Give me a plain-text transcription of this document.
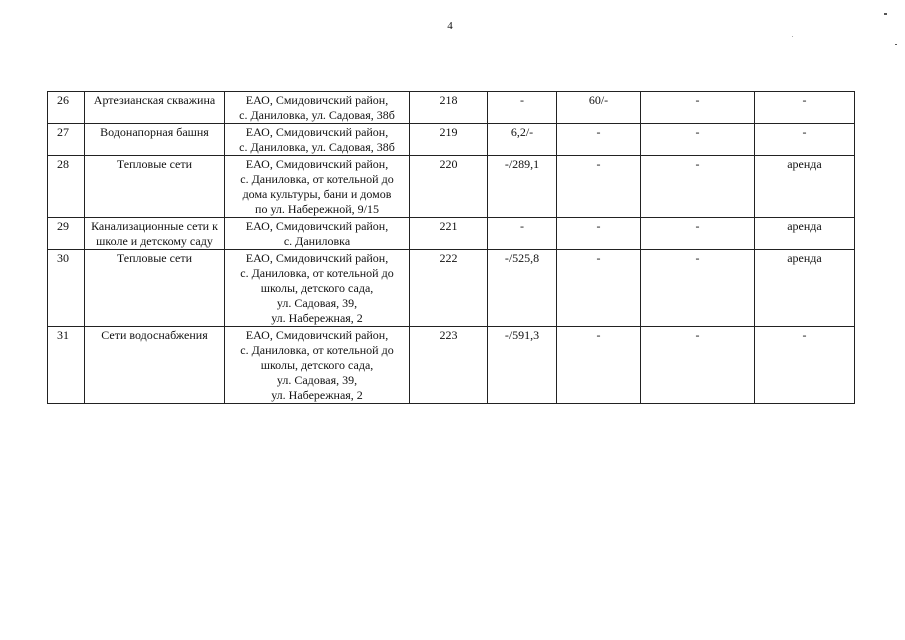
4
26	Артезианская скважина	ЕАО, Смидовичский район,
с. Даниловка, ул. Садовая, 38б	218	-	60/-	-	-
27	Водонапорная башня	ЕАО, Смидовичский район,
с. Даниловка, ул. Садовая, 38б	219	6,2/-	-	-	-
28	Тепловые сети	ЕАО, Смидовичский район,
с. Даниловка, от котельной до
дома культуры, бани и домов
по ул. Набережной, 9/15	220	-/289,1	-	-	аренда
29	Канализационные сети к школе и детскому саду	ЕАО, Смидовичский район,
с. Даниловка	221	-	-	-	аренда
30	Тепловые сети	ЕАО, Смидовичский район,
с. Даниловка, от котельной до
школы, детского сада,
ул. Садовая, 39,
ул. Набережная, 2	222	-/525,8	-	-	аренда
31	Сети водоснабжения	ЕАО, Смидовичский район,
с. Даниловка, от котельной до
школы, детского сада,
ул. Садовая, 39,
ул. Набережная, 2	223	-/591,3	-	-	-
